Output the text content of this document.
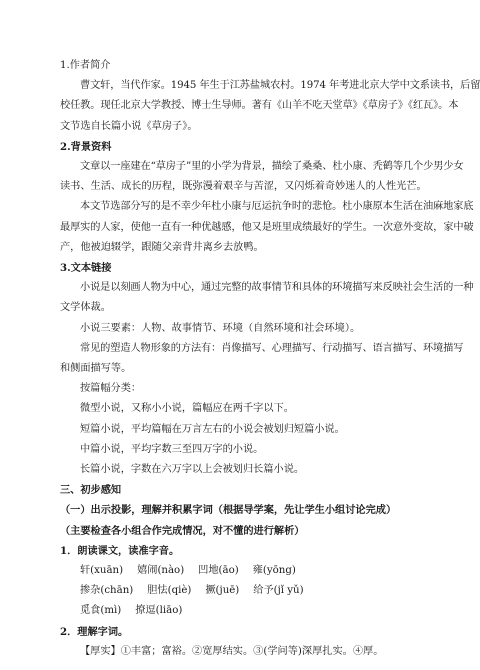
1.作者简介
曹文轩，当代作家。1945 年生于江苏盐城农村。1974 年考进北京大学中文系读书，后留
校任教。现任北京大学教授、博士生导师。著有《山羊不吃天堂草》《草房子》《红瓦》。本
文节选自长篇小说《草房子》。
2.背景资料
文章以一座建在“草房子”里的小学为背景，描绘了桑桑、杜小康、秃鹤等几个少男少女
读书、生活、成长的历程，既弥漫着艰辛与苦涩，又闪烁着奇妙迷人的人性光芒。
本文节选部分写的是不幸少年杜小康与厄运抗争时的悲怆。杜小康原本生活在油麻地家底
最厚实的人家，使他一直有一种优越感，他又是班里成绩最好的学生。一次意外变故，家中破
产，他被迫辍学，跟随父亲背井离乡去放鸭。
3.文本链接
小说是以刻画人物为中心，通过完整的故事情节和具体的环境描写来反映社会生活的一种
文学体裁。
小说三要素：人物、故事情节、环境（自然环境和社会环境）。
常见的塑造人物形象的方法有：肖像描写、心理描写、行动描写、语言描写、环境描写
和侧面描写等。
按篇幅分类：
微型小说，又称小小说，篇幅应在两千字以下。
短篇小说，平均篇幅在万言左右的小说会被划归短篇小说。
中篇小说，平均字数三至四万字的小说。
长篇小说，字数在六万字以上会被划归长篇小说。
三、初步感知
（一）出示投影，理解并积累字词（根据导学案，先让学生小组讨论完成）
（主要检查各小组合作完成情况，对不懂的进行解析）
1．朗读课文，读准字音。
轩(xuān) 嬉闹(nào) 凹地(āo) 雍(yōng)
掺杂(chān) 胆怯(qiè) 撅(juē) 给予(jǐ yǔ)
觅食(mì) 撩逗(liāo)
2．理解字词。
【厚实】①丰富；富裕。②宽厚结实。③(学问等)深厚扎实。④厚。
